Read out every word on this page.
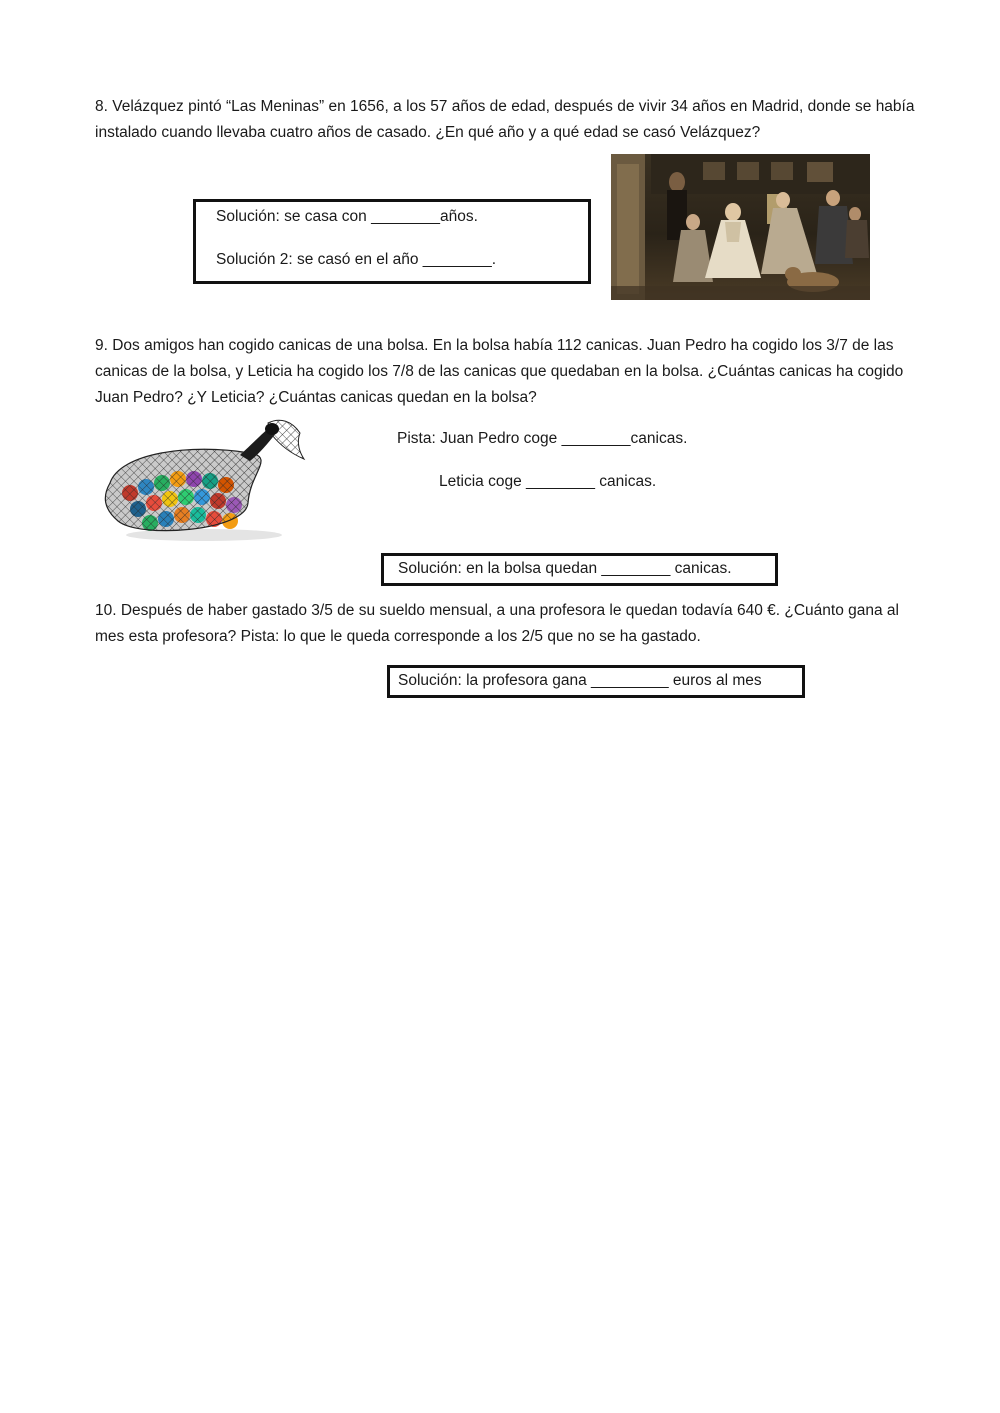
8. Velázquez pintó “Las Meninas” en 1656, a los 57 años de edad, después de vivir 34 años en Madrid, donde se había instalado cuando llevaba cuatro años de casado. ¿En qué año y a qué edad se casó Velázquez?

Solución: se casa con ________años.
Solución 2: se casó en el año ________.

9. Dos amigos han cogido canicas de una bolsa. En la bolsa había 112 canicas. Juan Pedro ha cogido los 3/7 de las canicas de la bolsa, y Leticia ha cogido los 7/8 de las canicas que quedaban en la bolsa. ¿Cuántas canicas ha cogido Juan Pedro? ¿Y Leticia? ¿Cuántas canicas quedan en la bolsa?

Pista: Juan Pedro coge ________canicas.
Leticia coge ________ canicas.
Solución: en la bolsa quedan ________ canicas.

10. Después de haber gastado 3/5 de su sueldo mensual, a una profesora le quedan todavía 640 €. ¿Cuánto gana al mes esta profesora? Pista: lo que le queda corresponde a los 2/5 que no se ha gastado.

Solución: la profesora gana _________ euros al mes
